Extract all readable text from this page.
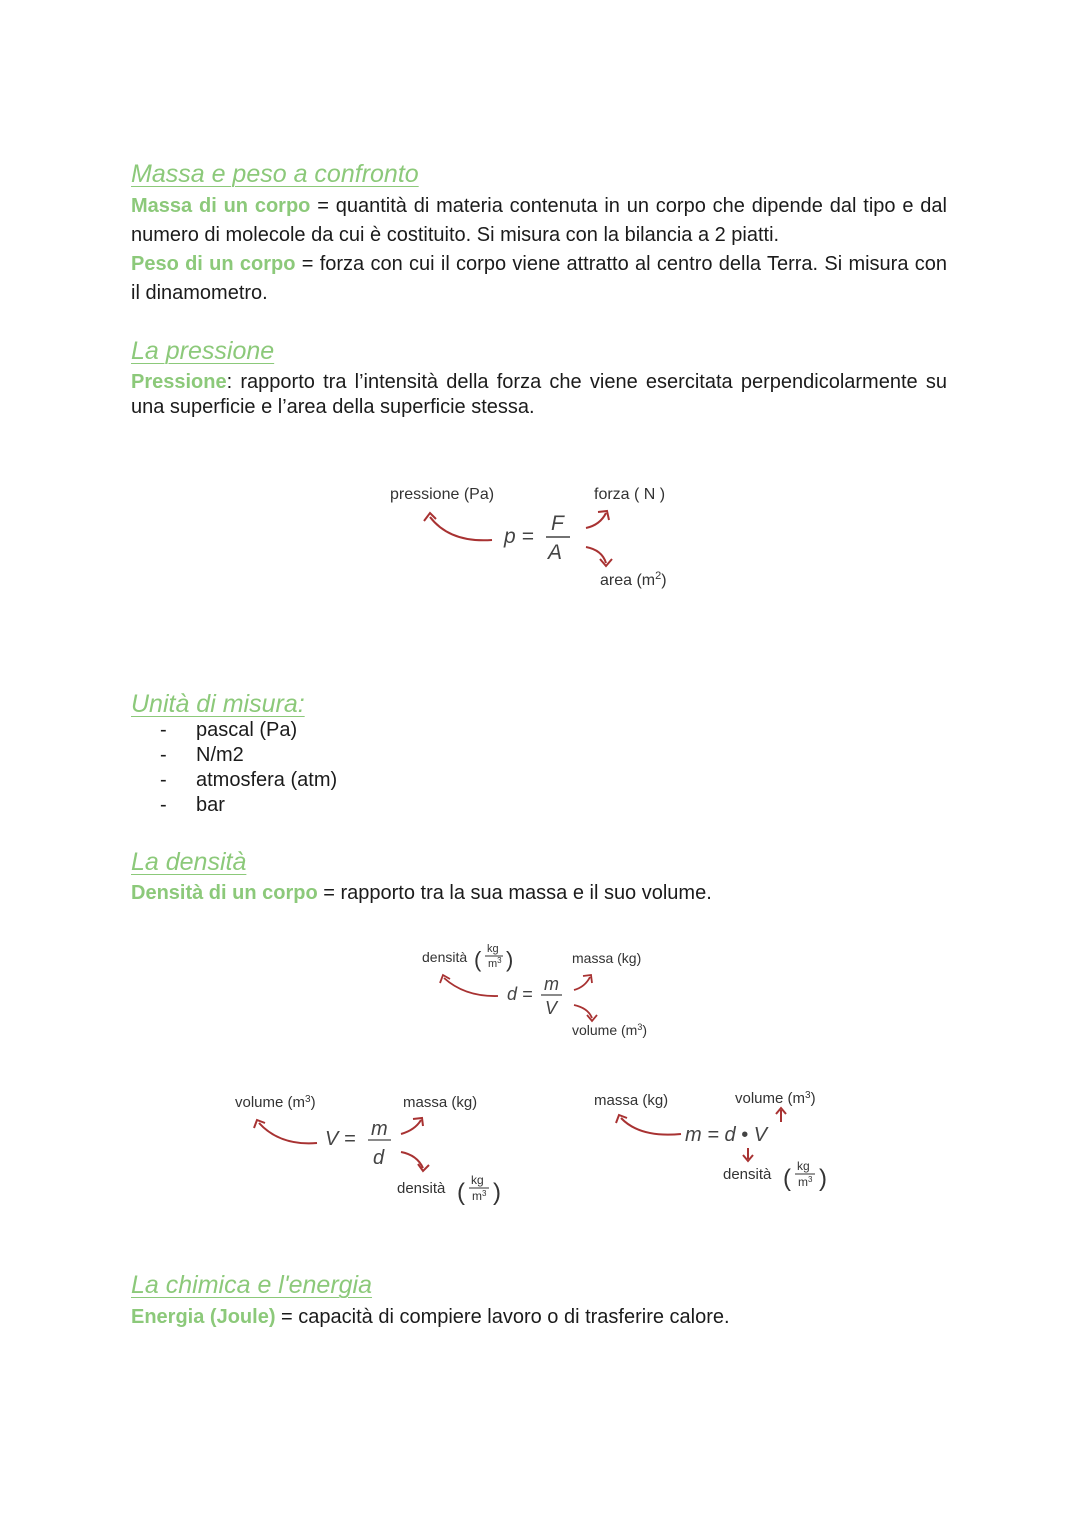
Massa e peso a confronto
Massa di un corpo = quantità di materia contenuta in un corpo che dipende dal tipo e dal numero di molecole da cui è costituito. Si misura con la bilancia a 2 piatti.
Peso di un corpo = forza con cui il corpo viene attratto al centro della Terra. Si misura con il dinamometro.
La pressione
Pressione: rapporto tra l’intensità della forza che viene esercitata perpendicolarmente su una superficie e l’area della superficie stessa.
pressione (Pa)	forza ( N )
area $(m^2)$
p =
F
A
Unità di misura:
- pascal (Pa)
- N/m2
- atmosfera (atm)
- bar
La densità
Densità di un corpo = rapporto tra la sua massa e il suo volume.
densità ( kg
$m^3$ )	massa (kg)
volume $(m^3)$
d = m
V
volume $(m^3)$	massa (kg)
densità ( kg
$m^3$ )
V = m
d
massa (kg)	volume $(m^3)$
m = d • V
densità ( kg
$m^3$ )
La chimica e l'energia
Energia (Joule) = capacità di compiere lavoro o di trasferire calore.
